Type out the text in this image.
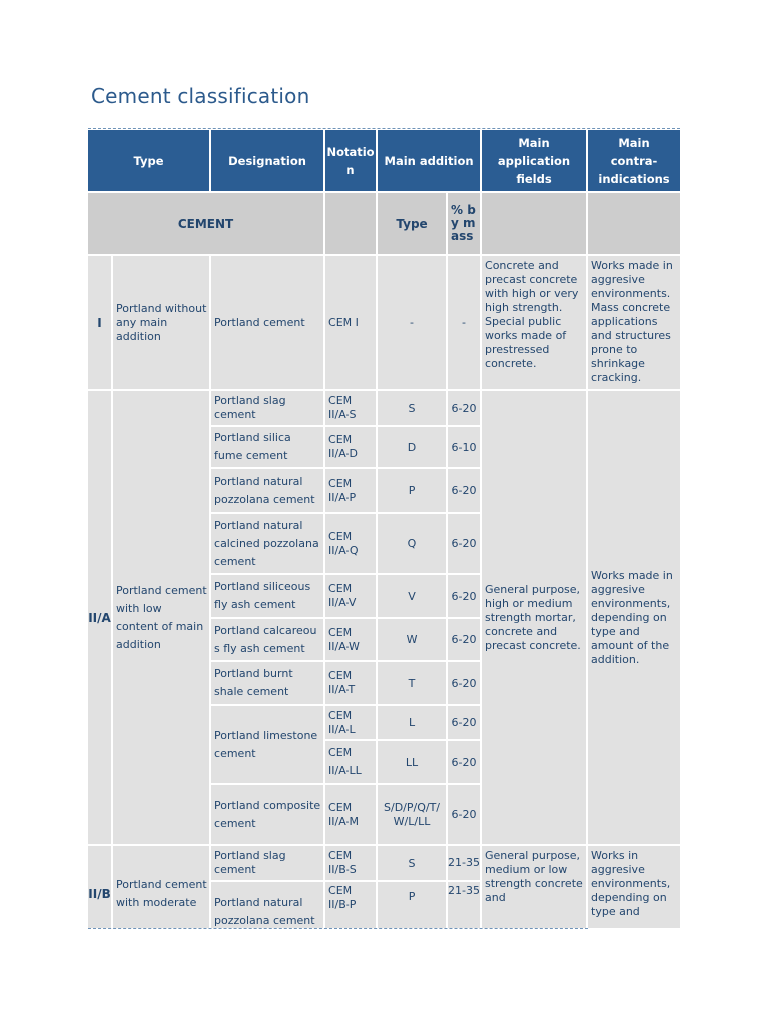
Cement classification
Type		Designation	Notation	Main addition		Main application fields	Main contra-indications
CEMENT				Type	% by mass		
I	Portland without any main addition	Portland cement	CEM I	-	-	Concrete and precast concrete with high or very high strength. Special public works made of prestressed concrete.	Works made in aggresive environments. Mass concrete applications and structures prone to shrinkage cracking.
II/A	Portland cement with low content of main addition	Portland slag cement	CEM II/A-S	S	6-20	General purpose, high or medium strength mortar, concrete and precast concrete.	Works made in aggresive environments, depending on type and amount of the addition.
		Portland silica fume cement	CEM II/A-D	D	6-10		
		Portland natural pozzolana cement	CEM II/A-P	P	6-20		
		Portland natural calcined pozzolana cement	CEM II/A-Q	Q	6-20		
		Portland siliceous fly ash cement	CEM II/A-V	V	6-20		
		Portland calcareous fly ash cement	CEM II/A-W	W	6-20		
		Portland burnt shale cement	CEM II/A-T	T	6-20		
		Portland limestone cement	CEM II/A-L	L	6-20		
			CEM II/A-LL	LL	6-20		
		Portland composite cement	CEM II/A-M	S/D/P/Q/T/W/L/LL	6-20		
II/B	Portland cement with moderate	Portland slag cement	CEM II/B-S	S	21-35	General purpose, medium or low strength concrete and	Works in aggresive environments, depending on type and
		Portland natural pozzolana cement	CEM II/B-P	P	21-35		
